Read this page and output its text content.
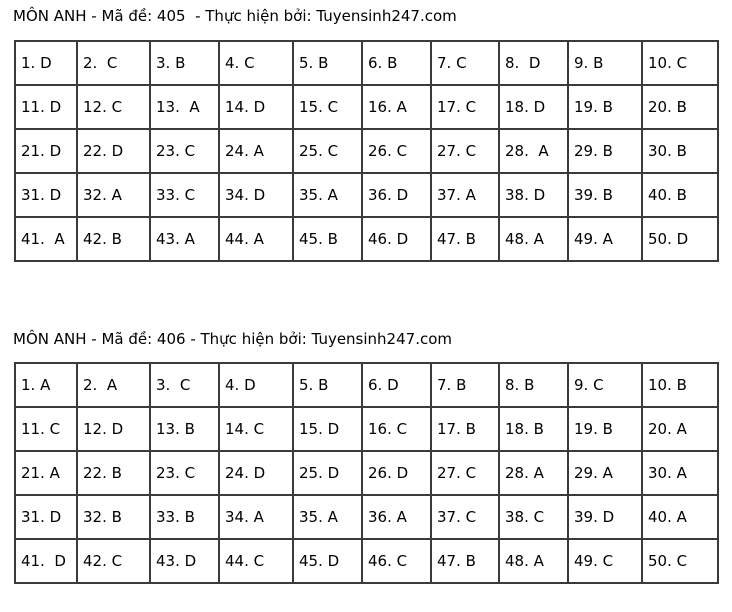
MÔN ANH - Mã đề: 405  - Thực hiện bởi: Tuyensinh247.com
1. D	2.  C	3. B	4. C	5. B	6. B	7. C	8.  D	9. B	10. C
11. D	12. C	13.  A	14. D	15. C	16. A	17. C	18. D	19. B	20. B
21. D	22. D	23. C	24. A	25. C	26. C	27. C	28.  A	29. B	30. B
31. D	32. A	33. C	34. D	35. A	36. D	37. A	38. D	39. B	40. B
41.  A	42. B	43. A	44. A	45. B	46. D	47. B	48. A	49. A	50. D
MÔN ANH - Mã đề: 406 - Thực hiện bởi: Tuyensinh247.com
1. A	2.  A	3.  C	4. D	5. B	6. D	7. B	8. B	9. C	10. B
11. C	12. D	13. B	14. C	15. D	16. C	17. B	18. B	19. B	20. A
21. A	22. B	23. C	24. D	25. D	26. D	27. C	28. A	29. A	30. A
31. D	32. B	33. B	34. A	35. A	36. A	37. C	38. C	39. D	40. A
41.  D	42. C	43. D	44. C	45. D	46. C	47. B	48. A	49. C	50. C
